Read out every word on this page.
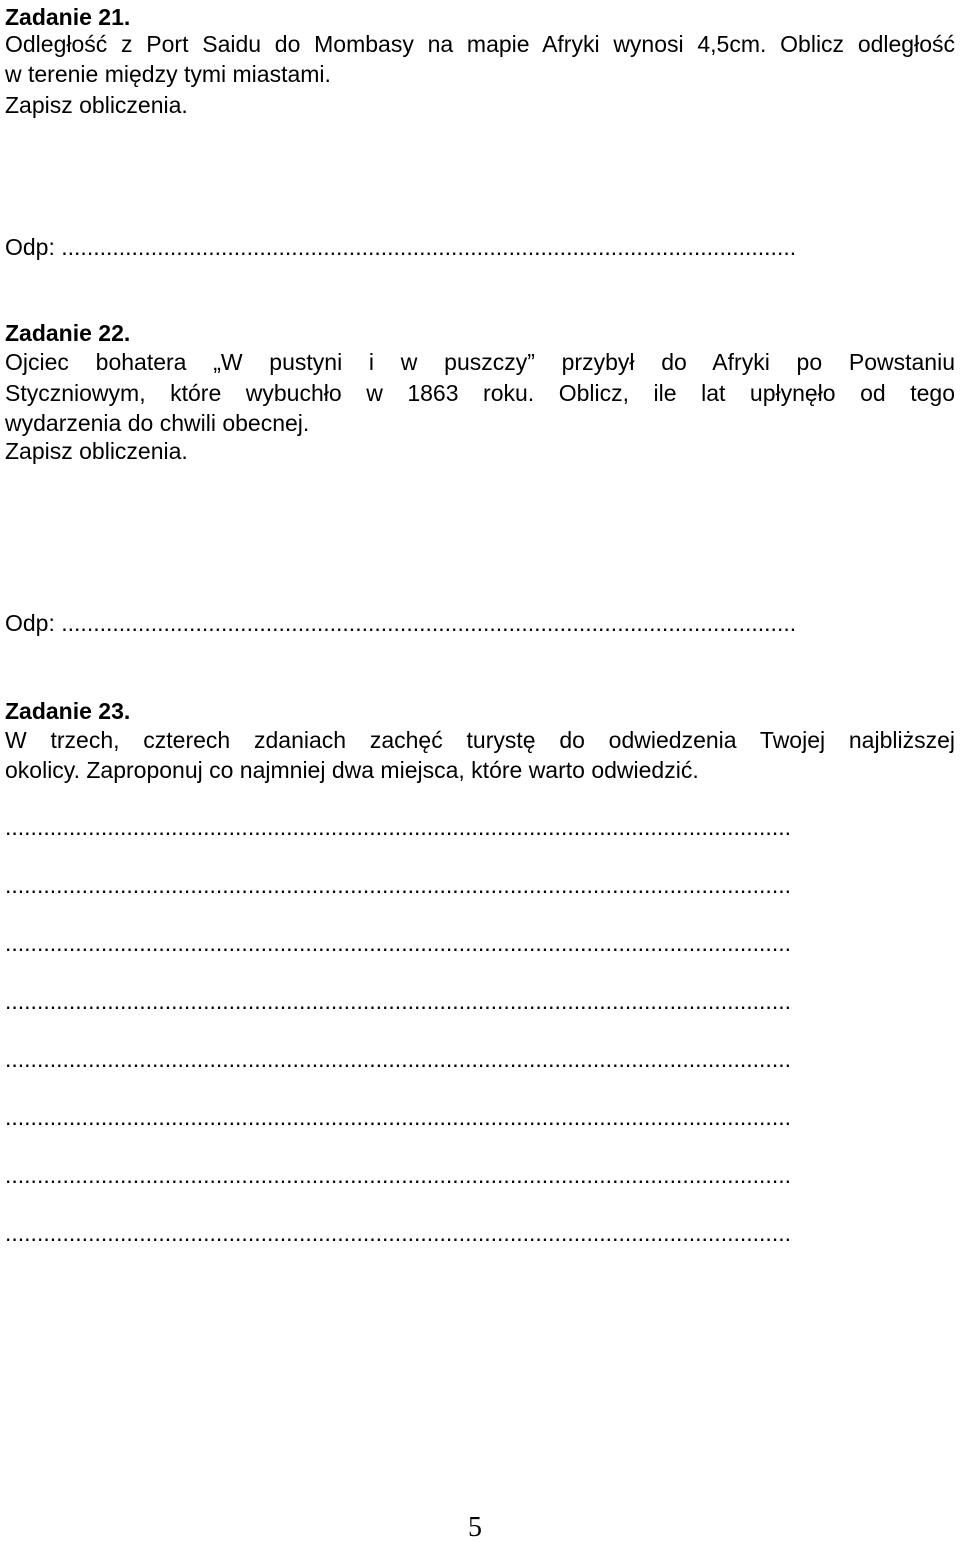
Zadanie 21.
Odległość z Port Saidu do Mombasy na mapie Afryki wynosi 4,5cm. Oblicz odległość
w terenie między tymi miastami.
Zapisz obliczenia.
Odp: ...................................................................................................................
Zadanie 22.
Ojciec bohatera „W pustyni i w puszczy” przybył do Afryki po Powstaniu
Styczniowym, które wybuchło w 1863 roku. Oblicz, ile lat upłynęło od tego
wydarzenia do chwili obecnej.
Zapisz obliczenia.
Odp: ...................................................................................................................
Zadanie 23.
W trzech, czterech zdaniach zachęć turystę do odwiedzenia Twojej najbliższej
okolicy. Zaproponuj co najmniej dwa miejsca, które warto odwiedzić.
...........................................................................................................................
...........................................................................................................................
...........................................................................................................................
...........................................................................................................................
...........................................................................................................................
...........................................................................................................................
...........................................................................................................................
...........................................................................................................................
5
